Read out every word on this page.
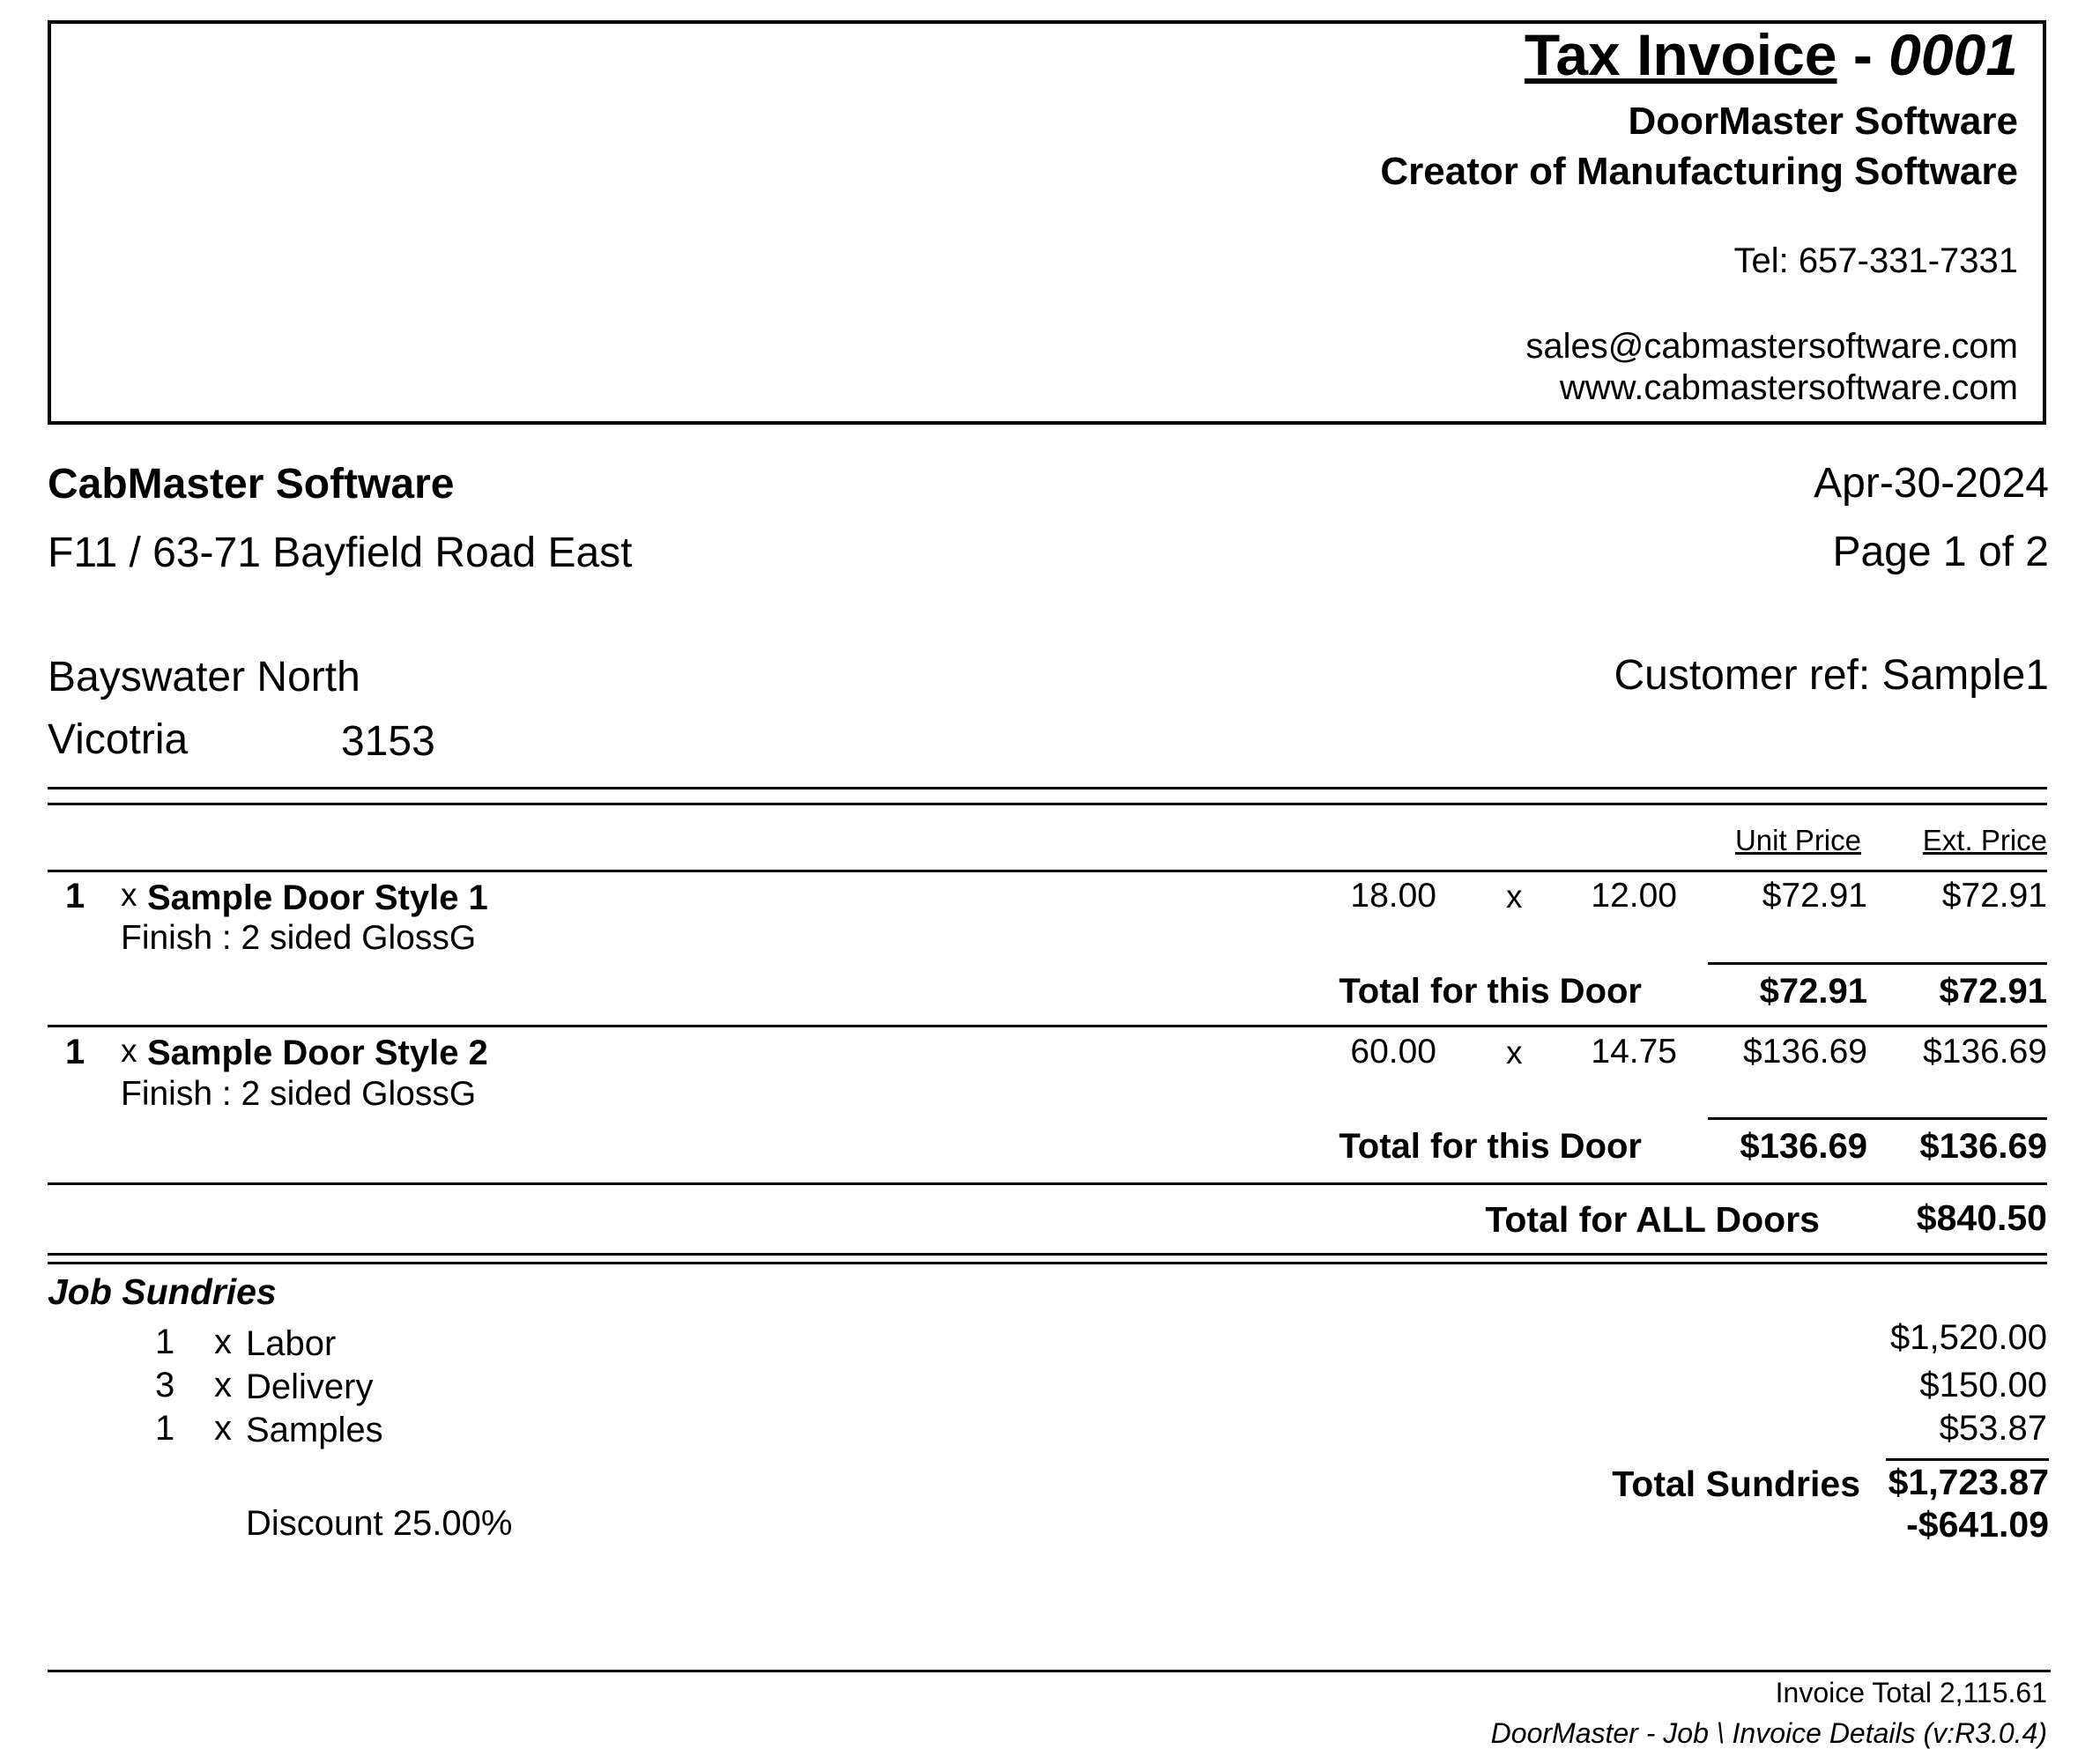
Tax Invoice - 0001
DoorMaster Software
Creator of Manufacturing Software
Tel: 657-331-7331
sales@cabmastersoftware.com
www.cabmastersoftware.com
CabMaster Software
F11 / 63-71 Bayfield Road East
Bayswater North
Vicotria	3153
Apr-30-2024
Page 1 of 2
Customer ref: Sample1
Unit Price Ext. Price
1 x Sample Door Style 1
Finish : 2 sided GlossG
18.00 x 12.00 $72.91 $72.91
Total for this Door	$72.91 $72.91
1 x Sample Door Style 2
Finish : 2 sided GlossG
60.00 x 14.75 $136.69 $136.69
Total for this Door	$136.69 $136.69
Total for ALL Doors	$840.50
Job Sundries
1 x Labor	$1,520.00
3 x Delivery	$150.00
1 x Samples	$53.87
Total Sundries $1,723.87
Discount 25.00%	-$641.09
Invoice Total 2,115.61
DoorMaster - Job \ Invoice Details (v:R3.0.4)
